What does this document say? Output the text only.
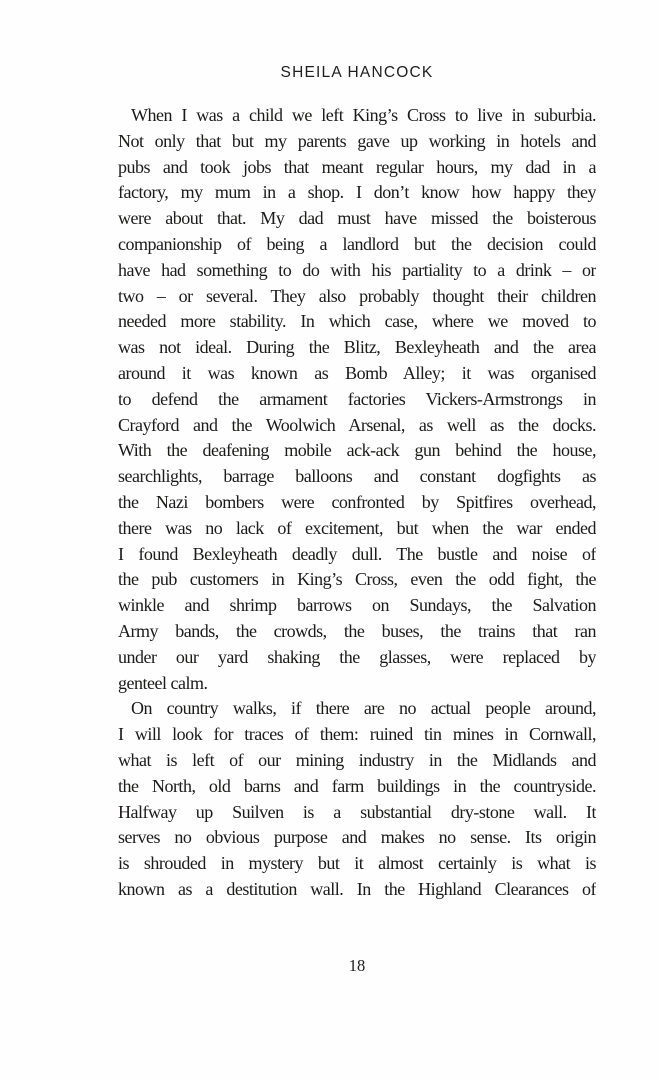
SHEILA HANCOCK
When I was a child we left King’s Cross to live in suburbia.
Not only that but my parents gave up working in hotels and
pubs and took jobs that meant regular hours, my dad in a
factory, my mum in a shop. I don’t know how happy they
were about that. My dad must have missed the boisterous
companionship of being a landlord but the decision could
have had something to do with his partiality to a drink – or
two – or several. They also probably thought their children
needed more stability. In which case, where we moved to
was not ideal. During the Blitz, Bexleyheath and the area
around it was known as Bomb Alley; it was organised
to defend the armament factories Vickers-Armstrongs in
Crayford and the Woolwich Arsenal, as well as the docks.
With the deafening mobile ack-ack gun behind the house,
searchlights, barrage balloons and constant dogfights as
the Nazi bombers were confronted by Spitfires overhead,
there was no lack of excitement, but when the war ended
I found Bexleyheath deadly dull. The bustle and noise of
the pub customers in King’s Cross, even the odd fight, the
winkle and shrimp barrows on Sundays, the Salvation
Army bands, the crowds, the buses, the trains that ran
under our yard shaking the glasses, were replaced by
genteel calm.
On country walks, if there are no actual people around,
I will look for traces of them: ruined tin mines in Cornwall,
what is left of our mining industry in the Midlands and
the North, old barns and farm buildings in the countryside.
Halfway up Suilven is a substantial dry-stone wall. It
serves no obvious purpose and makes no sense. Its origin
is shrouded in mystery but it almost certainly is what is
known as a destitution wall. In the Highland Clearances of
18
